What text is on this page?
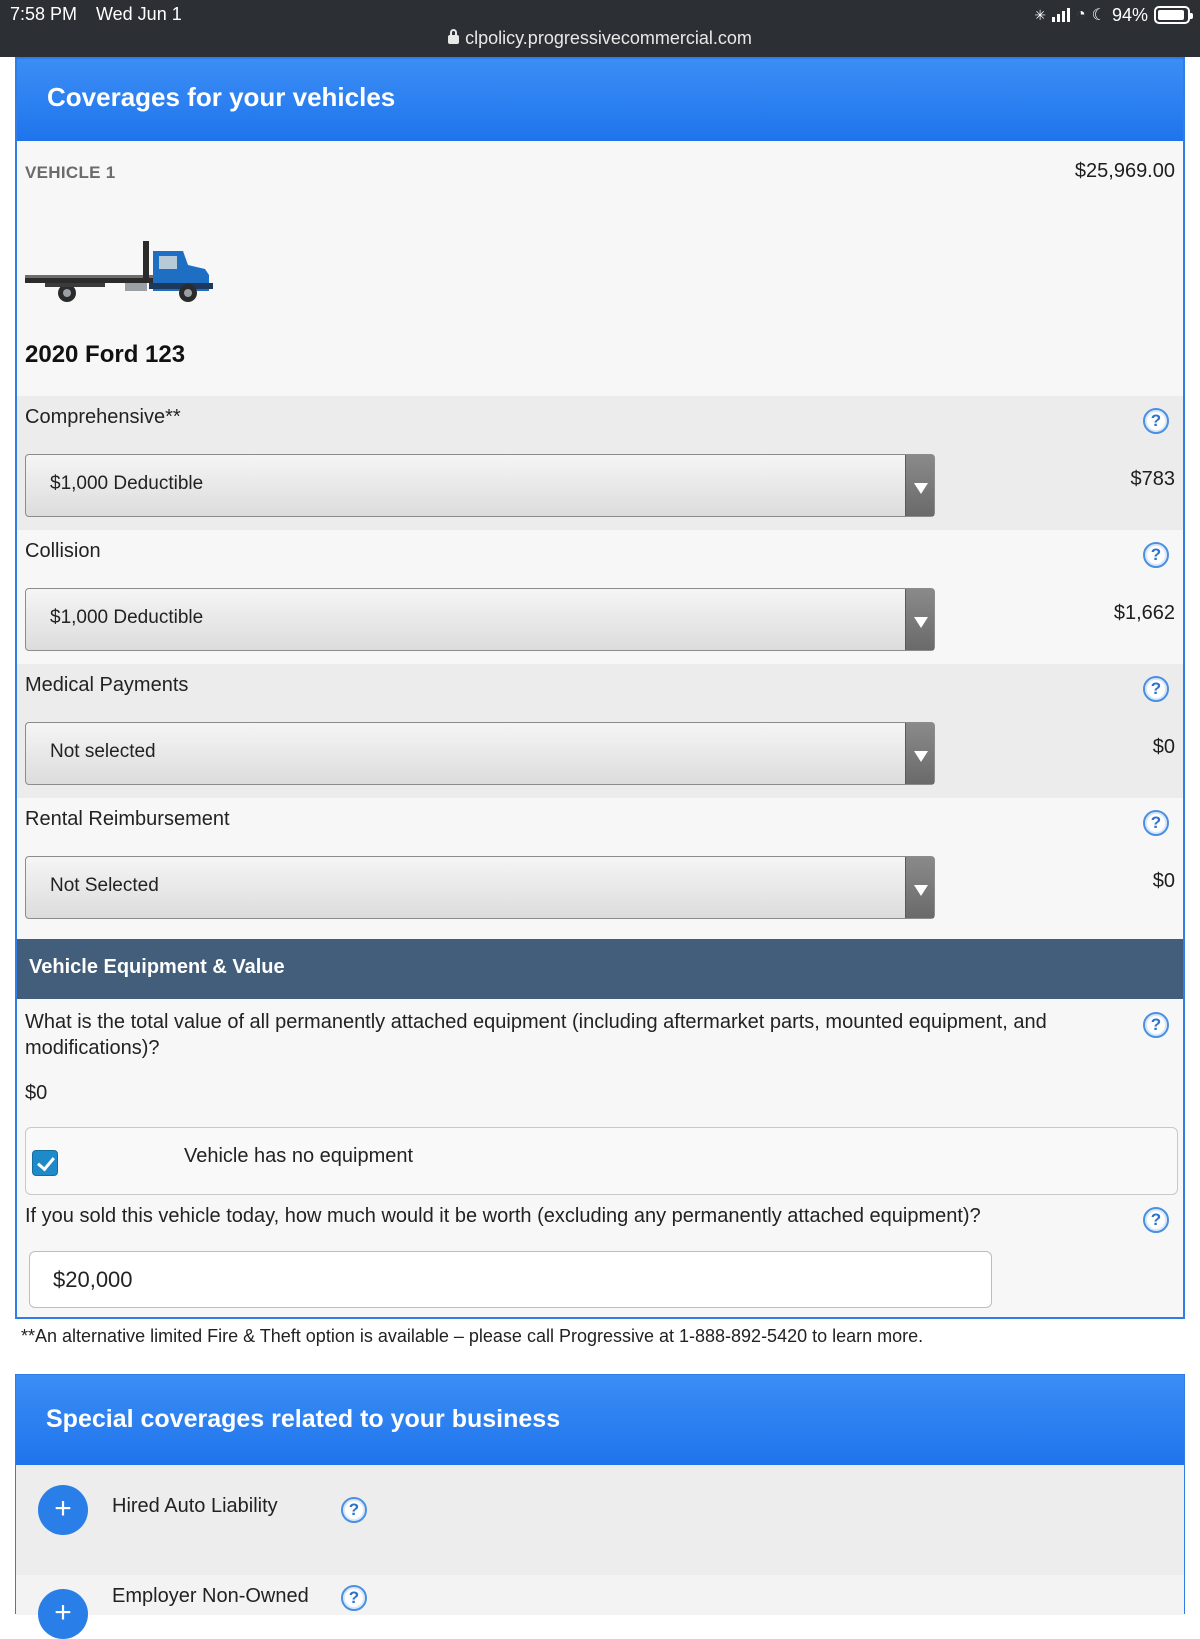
7:58 PM Wed Jun 1	✳ ◔ ☾ 94%
clpolicy.progressivecommercial.com
Coverages for your vehicles
VEHICLE 1	$25,969.00
2020 Ford 123
Comprehensive**	?
$1,000 Deductible	$783
Collision	?
$1,000 Deductible	$1,662
Medical Payments	?
Not selected	$0
Rental Reimbursement	?
Not Selected	$0
Vehicle Equipment & Value
What is the total value of all permanently attached equipment (including aftermarket parts, mounted equipment, and modifications)?
?
$0
Vehicle has no equipment
If you sold this vehicle today, how much would it be worth (excluding any permanently attached equipment)?	?
$20,000
**An alternative limited Fire & Theft option is available – please call Progressive at 1-888-892-5420 to learn more.
Special coverages related to your business
+	Hired Auto Liability	?
+	Employer Non-Owned	?
